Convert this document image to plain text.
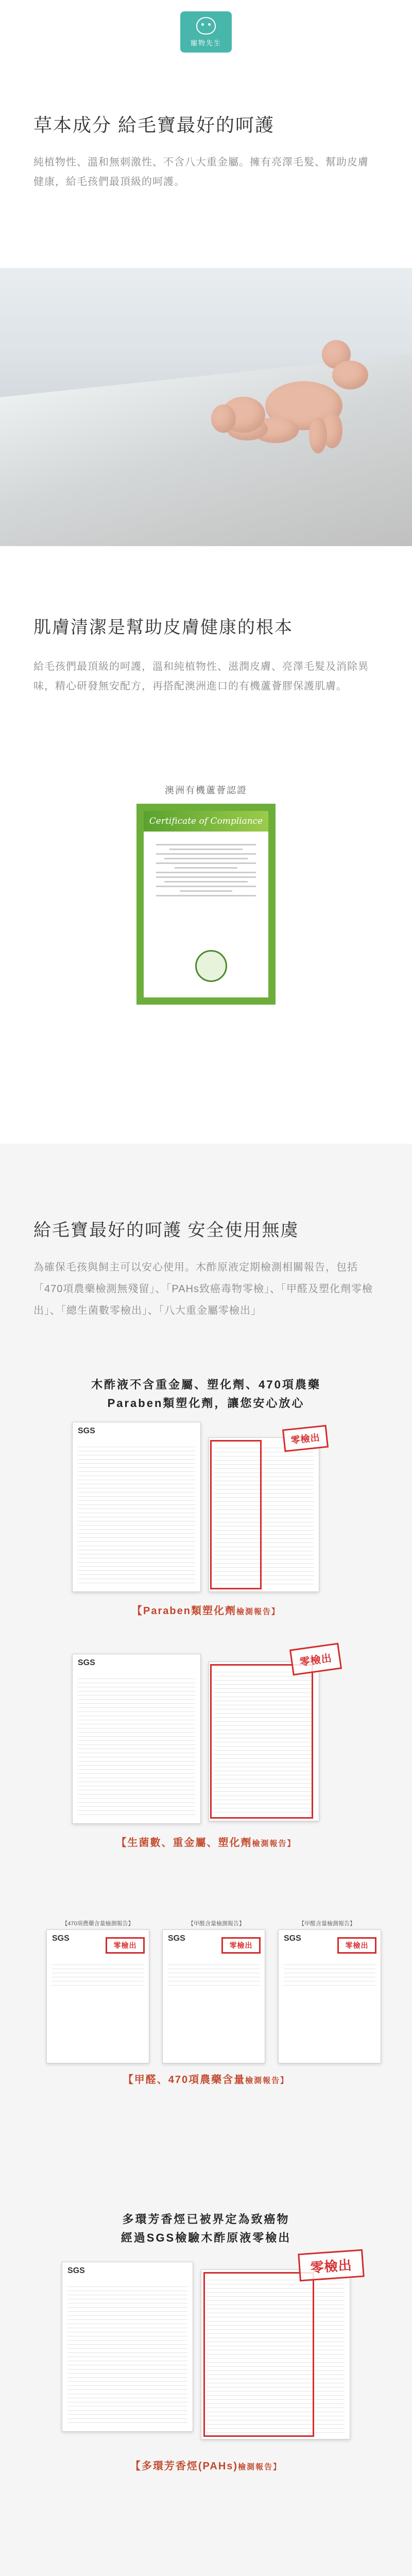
寵物先生
草本成分 給毛寶最好的呵護
純植物性、溫和無刺激性、不含八大重金屬。擁有亮澤毛髮、幫助皮膚健康，給毛孩們最頂級的呵護。
肌膚清潔是幫助皮膚健康的根本
給毛孩們最頂級的呵護，溫和純植物性、滋潤皮膚、亮澤毛髮及消除異味，精心研發無安配方，再搭配澳洲進口的有機蘆薈膠保護肌膚。
澳洲有機蘆薈認證
Certificate of Compliance
給毛寶最好的呵護 安全使用無虞
為確保毛孩與飼主可以安心使用。木酢原液定期檢測相關報告，包括「470項農藥檢測無殘留」、「PAHs致癌毒物零檢」、「甲醛及塑化劑零檢出」、「總生菌數零檢出」、「八大重金屬零檢出」
木酢液不含重金屬、塑化劑、470項農藥
Paraben類塑化劑，讓您安心放心
SGS
零檢出
【Paraben類塑化劑檢測報告】
SGS	零檢出
【生菌數、重金屬、塑化劑檢測報告】
【470項農藥含量檢測報告】	【甲醛含量檢測報告】	【甲醛含量檢測報告】
SGS	SGS	SGS
零檢出	零檢出	零檢出
【甲醛、470項農藥含量檢測報告】
多環芳香烴已被界定為致癌物
經過SGS檢驗木酢原液零檢出
SGS	零檢出
【多環芳香烴(PAHs)檢測報告】
